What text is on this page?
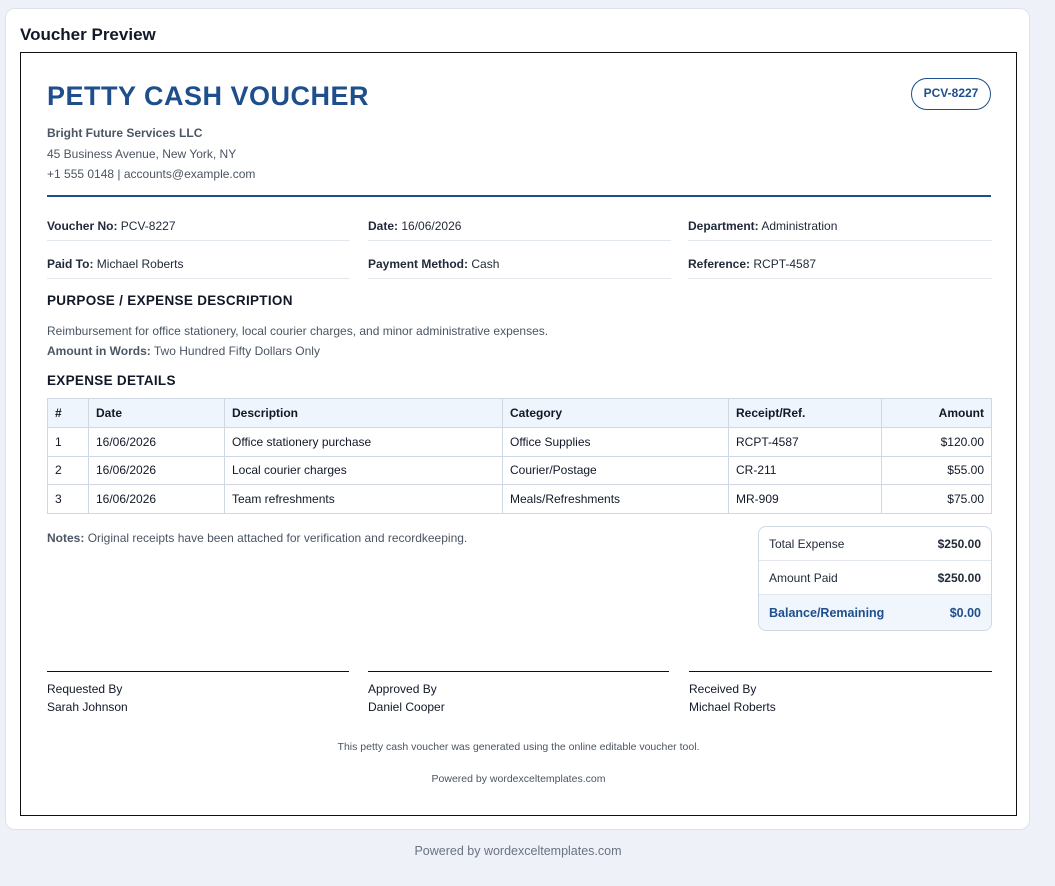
Voucher Preview
PETTY CASH VOUCHER	PCV-8227
Bright Future Services LLC
45 Business Avenue, New York, NY
+1 555 0148 | accounts@example.com
Voucher No: PCV-8227	Date: 16/06/2026	Department: Administration
Paid To: Michael Roberts	Payment Method: Cash	Reference: RCPT-4587
PURPOSE / EXPENSE DESCRIPTION
Reimbursement for office stationery, local courier charges, and minor administrative expenses.
Amount in Words: Two Hundred Fifty Dollars Only
EXPENSE DETAILS
#	Date	Description	Category	Receipt/Ref.	Amount
1	16/06/2026	Office stationery purchase	Office Supplies	RCPT-4587	$120.00
2	16/06/2026	Local courier charges	Courier/Postage	CR-211	$55.00
3	16/06/2026	Team refreshments	Meals/Refreshments	MR-909	$75.00
Notes: Original receipts have been attached for verification and recordkeeping.	Total Expense	$250.00
Amount Paid	$250.00
Balance/Remaining	$0.00
Requested By
Sarah Johnson
Approved By
Daniel Cooper
Received By
Michael Roberts
This petty cash voucher was generated using the online editable voucher tool.
Powered by wordexceltemplates.com
Powered by wordexceltemplates.com
